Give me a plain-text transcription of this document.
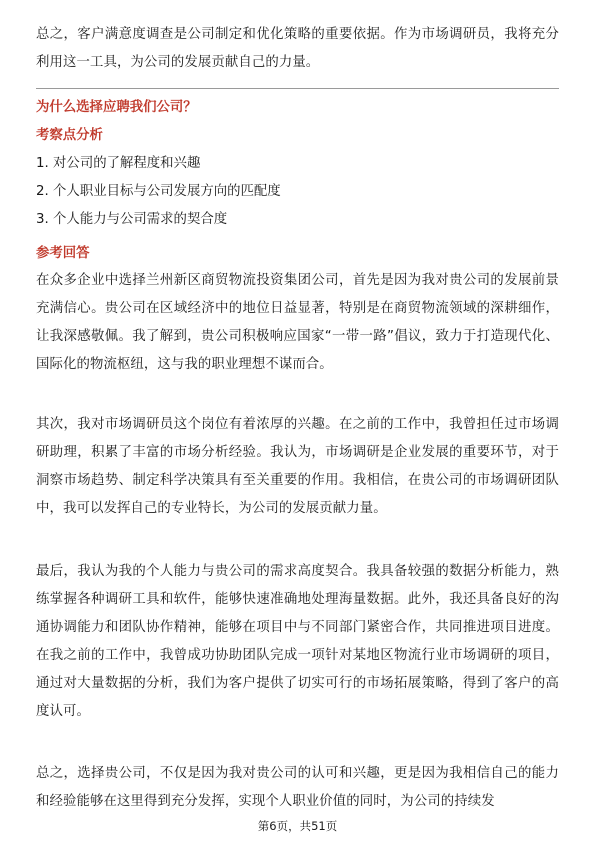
总之，客户满意度调查是公司制定和优化策略的重要依据。作为市场调研员，我将充分利用这一工具，为公司的发展贡献自己的力量。

为什么选择应聘我们公司？
考察点分析

1. 对公司的了解程度和兴趣

2. 个人职业目标与公司发展方向的匹配度

3. 个人能力与公司需求的契合度

参考回答

在众多企业中选择兰州新区商贸物流投资集团公司，首先是因为我对贵公司的发展前景充满信心。贵公司在区域经济中的地位日益显著，特别是在商贸物流领域的深耕细作，让我深感敬佩。我了解到，贵公司积极响应国家“一带一路”倡议，致力于打造现代化、国际化的物流枢纽，这与我的职业理想不谋而合。

其次，我对市场调研员这个岗位有着浓厚的兴趣。在之前的工作中，我曾担任过市场调研助理，积累了丰富的市场分析经验。我认为，市场调研是企业发展的重要环节，对于洞察市场趋势、制定科学决策具有至关重要的作用。我相信，在贵公司的市场调研团队中，我可以发挥自己的专业特长，为公司的发展贡献力量。

最后，我认为我的个人能力与贵公司的需求高度契合。我具备较强的数据分析能力，熟练掌握各种调研工具和软件，能够快速准确地处理海量数据。此外，我还具备良好的沟通协调能力和团队协作精神，能够在项目中与不同部门紧密合作，共同推进项目进度。在我之前的工作中，我曾成功协助团队完成一项针对某地区物流行业市场调研的项目，通过对大量数据的分析，我们为客户提供了切实可行的市场拓展策略，得到了客户的高度认可。

总之，选择贵公司，不仅是因为我对贵公司的认可和兴趣，更是因为我相信自己的能力和经验能够在这里得到充分发挥，实现个人职业价值的同时，为公司的持续发

第6页，共51页
